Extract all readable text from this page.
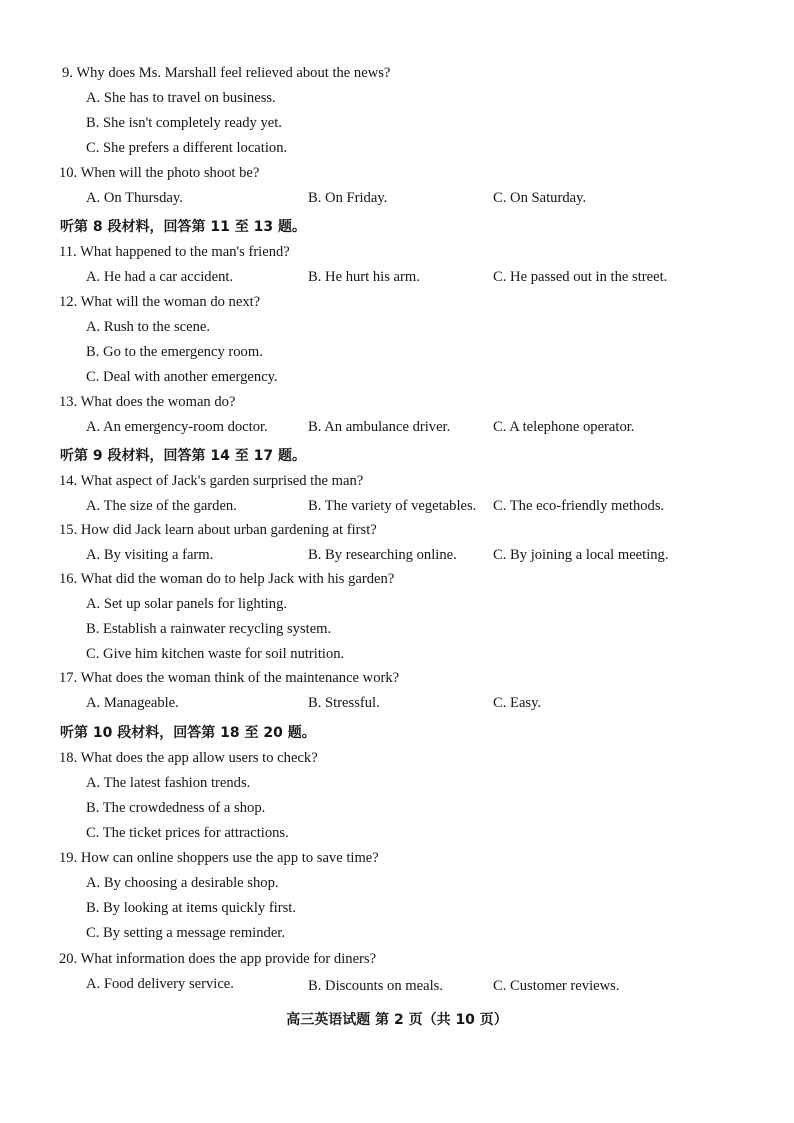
9. Why does Ms. Marshall feel relieved about the news?
A. She has to travel on business.
B. She isn't completely ready yet.
C. She prefers a different location.
10. When will the photo shoot be?
A. On Thursday.	B. On Friday.	C. On Saturday.
听第 8 段材料，回答第 11 至 13 题。
11. What happened to the man's friend?
A. He had a car accident.	B. He hurt his arm.	C. He passed out in the street.
12. What will the woman do next?
A. Rush to the scene.
B. Go to the emergency room.
C. Deal with another emergency.
13. What does the woman do?
A. An emergency-room doctor.	B. An ambulance driver.	C. A telephone operator.
听第 9 段材料，回答第 14 至 17 题。
14. What aspect of Jack's garden surprised the man?
A. The size of the garden.	B. The variety of vegetables. C. The eco-friendly methods.
15. How did Jack learn about urban gardening at first?
A. By visiting a farm.	B. By researching online. C. By joining a local meeting.
16. What did the woman do to help Jack with his garden?
A. Set up solar panels for lighting.
B. Establish a rainwater recycling system.
C. Give him kitchen waste for soil nutrition.
17. What does the woman think of the maintenance work?
A. Manageable.	B. Stressful.	C. Easy.
听第 10 段材料，回答第 18 至 20 题。
18. What does the app allow users to check?
A. The latest fashion trends.
B. The crowdedness of a shop.
C. The ticket prices for attractions.
19. How can online shoppers use the app to save time?
A. By choosing a desirable shop.
B. By looking at items quickly first.
C. By setting a message reminder.
20. What information does the app provide for diners?
A. Food delivery service.	B. Discounts on meals.	C. Customer reviews.
高三英语试题 第 2 页（共 10 页）
